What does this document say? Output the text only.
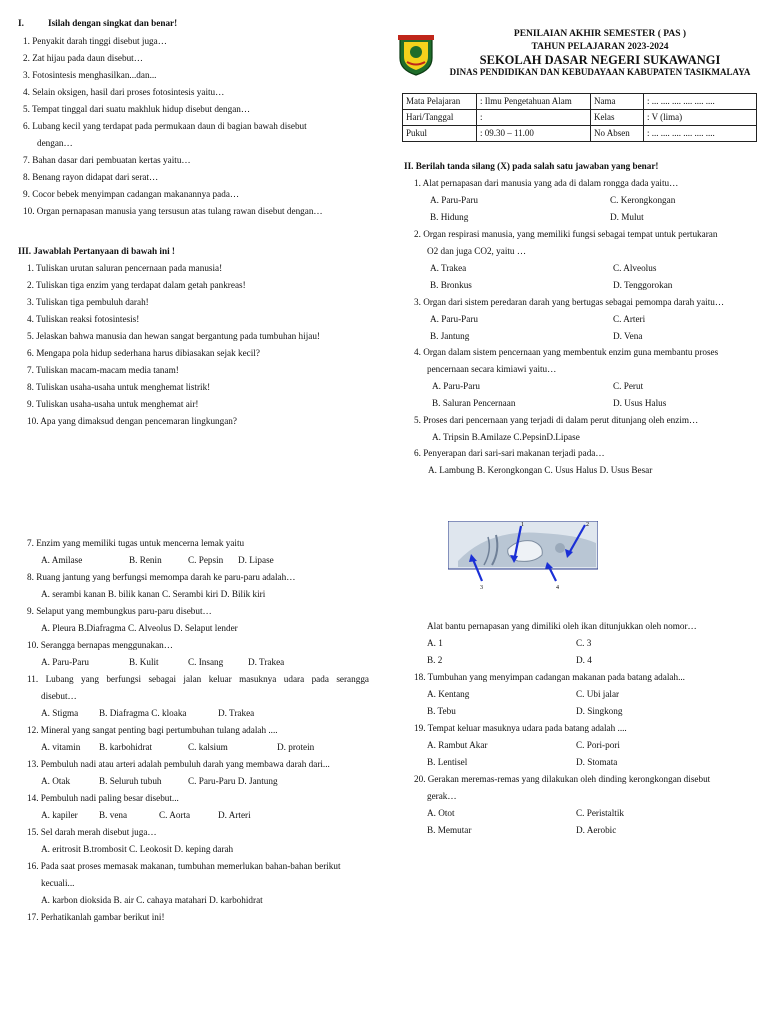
PENILAIAN AKHIR SEMESTER ( PAS )
TAHUN PELAJARAN 2023-2024
SEKOLAH DASAR NEGERI SUKAWANGI
DINAS PENDIDIKAN DAN KEBUDAYAAN KABUPATEN TASIKMALAYA
Mata Pelajaran	: Ilmu Pengetahuan Alam	Nama	: ... .... .... .... .... ....
Hari/Tanggal	:	Kelas	: V (lima)
Pukul	: 09.30 – 11.00	No Absen	: ... .... .... .... .... ....
I.	Isilah dengan singkat dan benar!
1. Penyakit darah tinggi disebut juga…
2. Zat hijau pada daun disebut…
3. Fotosintesis menghasilkan...dan...
4. Selain oksigen, hasil dari proses fotosintesis yaitu…
5. Tempat tinggal dari suatu makhluk hidup disebut dengan…
6. Lubang kecil yang terdapat pada permukaan daun di bagian bawah disebut
dengan…
7. Bahan dasar dari pembuatan kertas yaitu…
8. Benang rayon didapat dari serat…
9. Cocor bebek menyimpan cadangan makanannya pada…
10. Organ pernapasan manusia yang tersusun atas tulang rawan disebut dengan…
III. Jawablah Pertanyaan di bawah ini !
1. Tuliskan urutan saluran pencernaan pada manusia!
2. Tuliskan tiga enzim yang terdapat dalam getah pankreas!
3. Tuliskan tiga pembuluh darah!
4. Tuliskan reaksi fotosintesis!
5. Jelaskan bahwa manusia dan hewan sangat bergantung pada tumbuhan hijau!
6. Mengapa pola hidup sederhana harus dibiasakan sejak kecil?
7. Tuliskan macam-macam media tanam!
8. Tuliskan usaha-usaha untuk menghemat listrik!
9. Tuliskan usaha-usaha untuk menghemat air!
10. Apa yang dimaksud dengan pencemaran lingkungan?
II. Berilah tanda silang (X) pada salah satu jawaban yang benar!
1. Alat pernapasan dari manusia yang ada di dalam rongga dada yaitu…
A. Paru-Paru	C. Kerongkongan
B. Hidung	D. Mulut
2. Organ respirasi manusia, yang memiliki fungsi sebagai tempat untuk pertukaran
O2 dan juga CO2, yaitu …
A. Trakea	C. Alveolus
B. Bronkus	D. Tenggorokan
3. Organ dari sistem peredaran darah yang bertugas sebagai pemompa darah yaitu…
A. Paru-Paru	C. Arteri
B. Jantung	D. Vena
4. Organ dalam sistem pencernaan yang membentuk enzim guna membantu proses
pencernaan secara kimiawi yaitu…
A. Paru-Paru	C. Perut
B. Saluran Pencernaan	D. Usus Halus
5. Proses dari pencernaan yang terjadi di dalam perut ditunjang oleh enzim…
A. Tripsin B.Amilaze C.PepsinD.Lipase
6. Penyerapan dari sari-sari makanan terjadi pada…
A. Lambung B. Kerongkongan C. Usus Halus D. Usus Besar
7. Enzim yang memiliki tugas untuk mencerna lemak yaitu
A. Amilase	B. Renin	C. Pepsin D. Lipase
8. Ruang jantung yang berfungsi memompa darah ke paru-paru adalah…
A. serambi kanan B. bilik kanan C. Serambi kiri D. Bilik kiri
9. Selaput yang membungkus paru-paru disebut…
A. Pleura B.Diafragma C. Alveolus D. Selaput lender
10. Serangga bernapas menggunakan…
A. Paru-Paru	B. Kulit	C. Insang	D. Trakea
11. Lubang yang berfungsi sebagai jalan keluar masuknya udara pada serangga
disebut…
A. Stigma B. Diafragma C. kloaka	D. Trakea
12. Mineral yang sangat penting bagi pertumbuhan tulang adalah ....
A. vitamin B. karbohidrat	C. kalsium	D. protein
13. Pembuluh nadi atau arteri adalah pembuluh darah yang membawa darah dari...
A. Otak	B. Seluruh tubuh	C. Paru-Paru D. Jantung
14. Pembuluh nadi paling besar disebut...
A. kapiler B. vena	C. Aorta	D. Arteri
15. Sel darah merah disebut juga…
A. eritrosit B.trombosit C. Leokosit D. keping darah
16. Pada saat proses memasak makanan, tumbuhan memerlukan bahan-bahan berikut
kecuali...
A. karbon dioksida B. air C. cahaya matahari D. karbohidrat
17. Perhatikanlah gambar berikut ini!
1	2
3	4
Alat bantu pernapasan yang dimiliki oleh ikan ditunjukkan oleh nomor…
A. 1	C. 3
B. 2	D. 4
18. Tumbuhan yang menyimpan cadangan makanan pada batang adalah...
A. Kentang	C. Ubi jalar
B. Tebu	D. Singkong
19. Tempat keluar masuknya udara pada batang adalah ....
A. Rambut Akar	C. Pori-pori
B. Lentisel	D. Stomata
20. Gerakan meremas-remas yang dilakukan oleh dinding kerongkongan disebut
gerak…
A. Otot	C. Peristaltik
B. Memutar	D. Aerobic
